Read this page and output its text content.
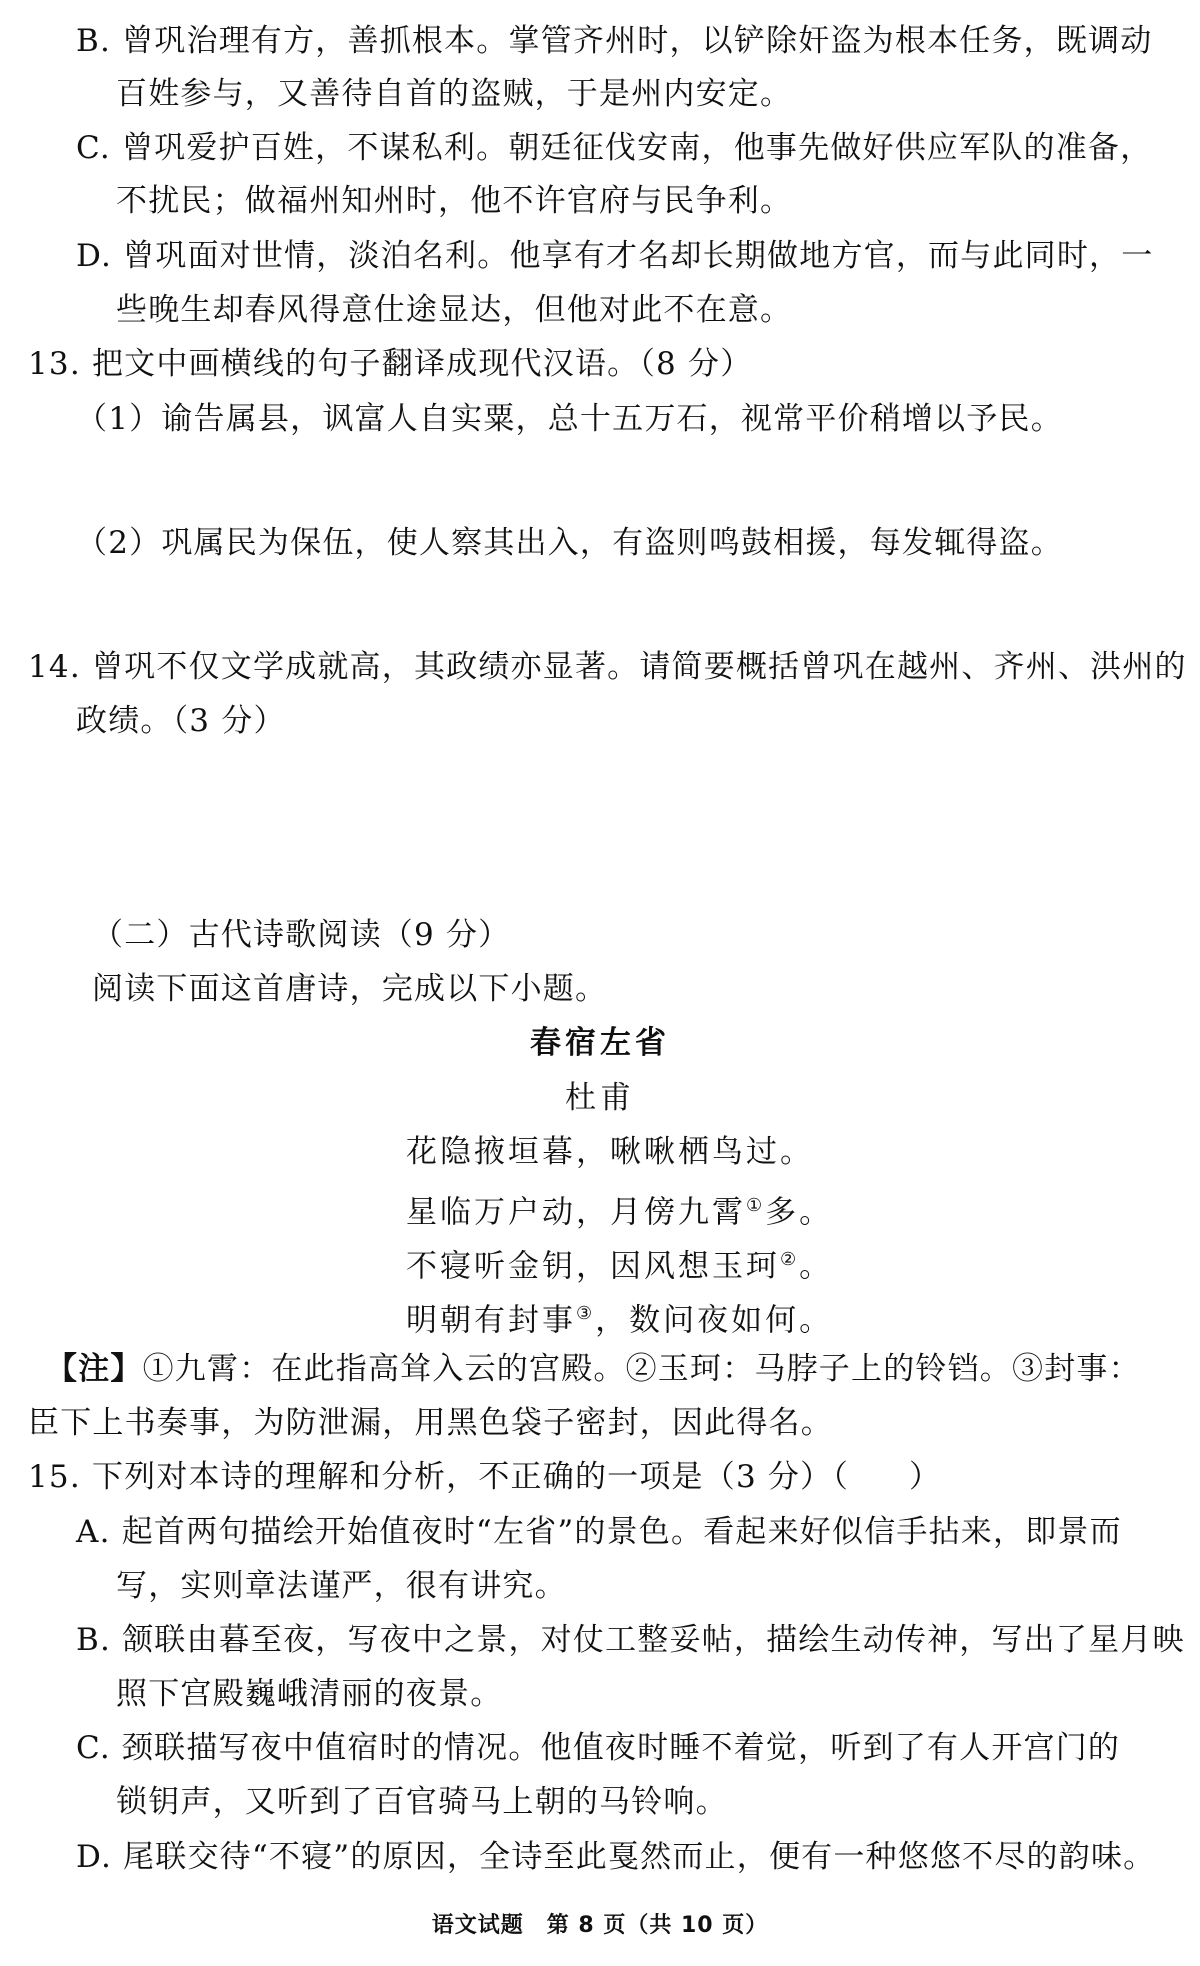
B. 曾巩治理有方，善抓根本。掌管齐州时，以铲除奸盗为根本任务，既调动
百姓参与，又善待自首的盗贼，于是州内安定。
C. 曾巩爱护百姓，不谋私利。朝廷征伐安南，他事先做好供应军队的准备，
不扰民；做福州知州时，他不许官府与民争利。
D. 曾巩面对世情，淡泊名利。他享有才名却长期做地方官，而与此同时，一
些晚生却春风得意仕途显达，但他对此不在意。
13. 把文中画横线的句子翻译成现代汉语。（8 分）
（1）谕告属县，讽富人自实粟，总十五万石，视常平价稍增以予民。
（2）巩属民为保伍，使人察其出入，有盗则鸣鼓相援，每发辄得盗。
14. 曾巩不仅文学成就高，其政绩亦显著。请简要概括曾巩在越州、齐州、洪州的
政绩。（3 分）
（二）古代诗歌阅读（9 分）
阅读下面这首唐诗，完成以下小题。
春宿左省
杜甫
花隐掖垣暮，啾啾栖鸟过。
星临万户动，月傍九霄①多。
不寝听金钥，因风想玉珂②。
明朝有封事③，数问夜如何。
【注】①九霄：在此指高耸入云的宫殿。②玉珂：马脖子上的铃铛。③封事：
臣下上书奏事，为防泄漏，用黑色袋子密封，因此得名。
15. 下列对本诗的理解和分析，不正确的一项是（3 分）（ ）
A. 起首两句描绘开始值夜时“左省”的景色。看起来好似信手拈来，即景而
写，实则章法谨严，很有讲究。
B. 颔联由暮至夜，写夜中之景，对仗工整妥帖，描绘生动传神，写出了星月映
照下宫殿巍峨清丽的夜景。
C. 颈联描写夜中值宿时的情况。他值夜时睡不着觉，听到了有人开宫门的
锁钥声，又听到了百官骑马上朝的马铃响。
D. 尾联交待“不寝”的原因，全诗至此戛然而止，便有一种悠悠不尽的韵味。
语文试题　第 8 页（共 10 页）
